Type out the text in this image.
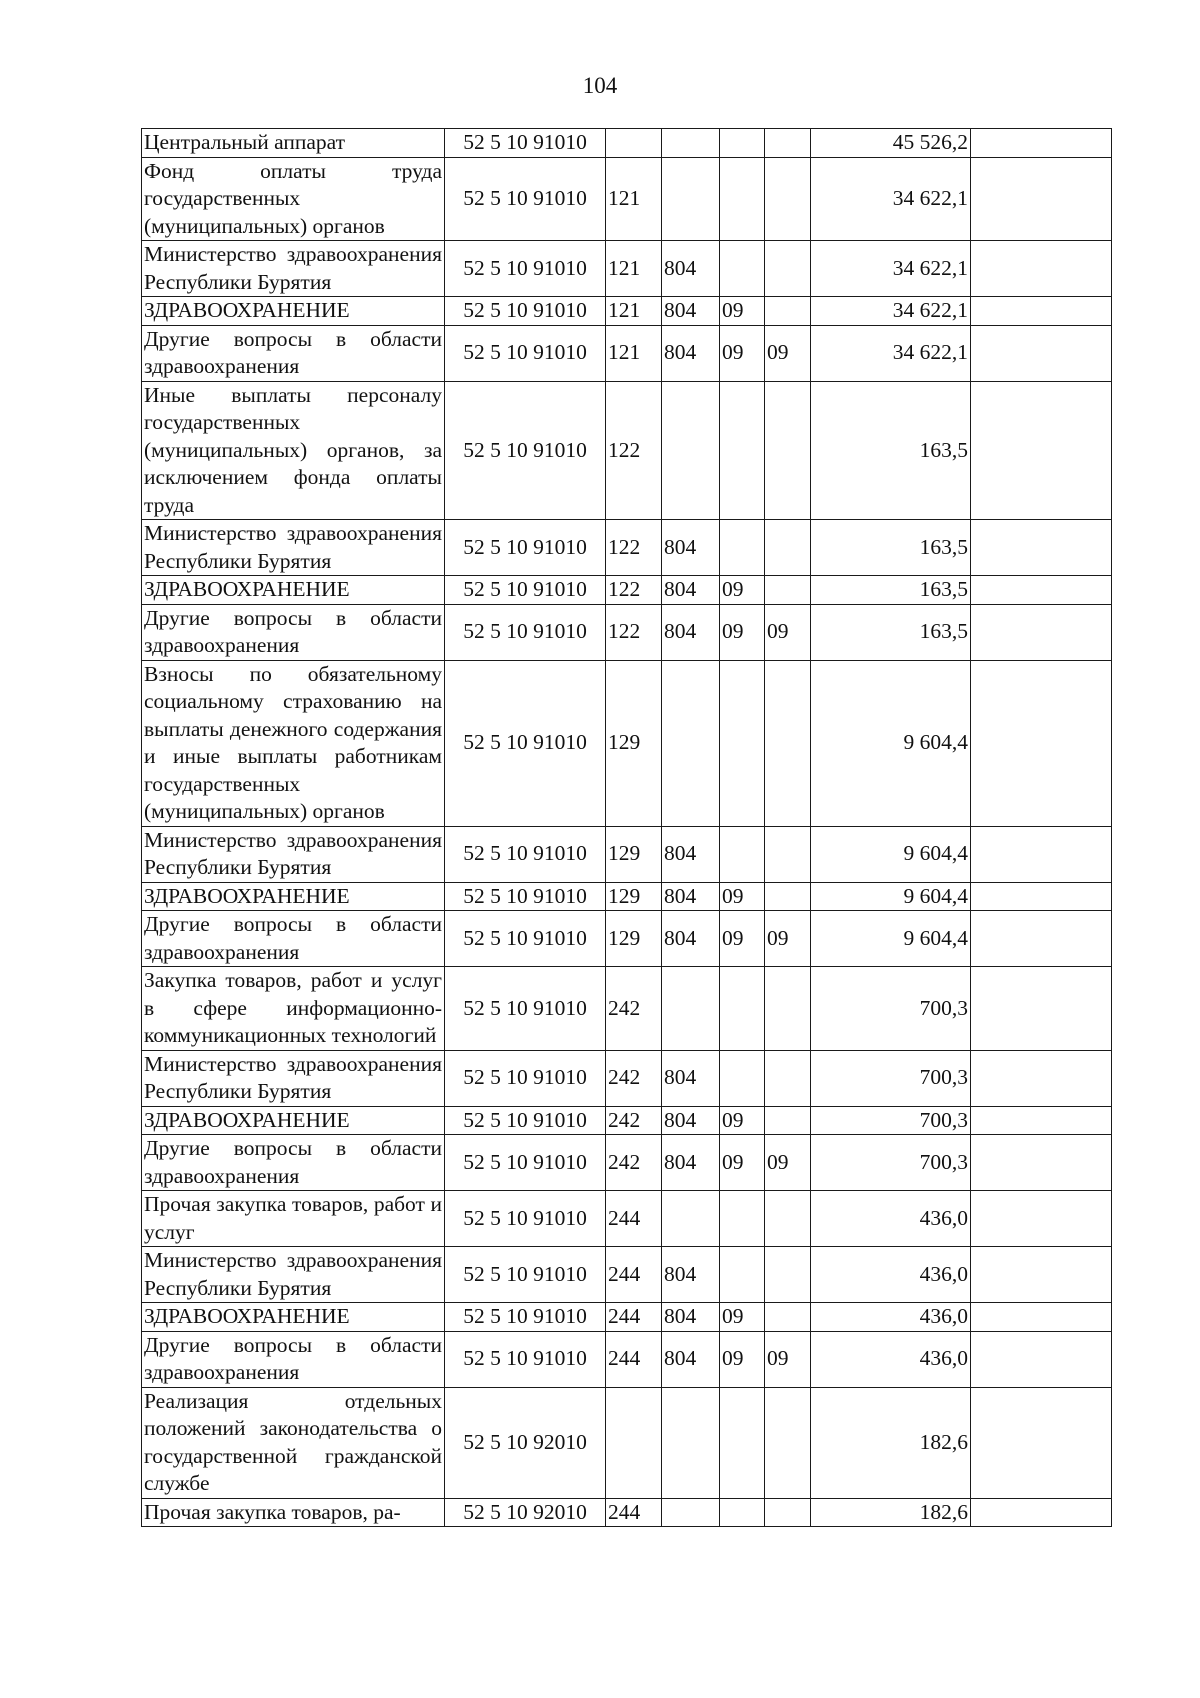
104
Центральный аппарат	52 5 10 91010					45 526,2	
Фонд оплаты труда государственных (муниципальных) органов	52 5 10 91010	121				34 622,1	
Министерство здравоохранения Республики Бурятия	52 5 10 91010	121	804			34 622,1	
ЗДРАВООХРАНЕНИЕ	52 5 10 91010	121	804	09		34 622,1	
Другие вопросы в области здравоохранения	52 5 10 91010	121	804	09	09	34 622,1	
Иные выплаты персоналу государственных (муниципальных) органов, за исключением фонда оплаты труда	52 5 10 91010	122				163,5	
Министерство здравоохранения Республики Бурятия	52 5 10 91010	122	804			163,5	
ЗДРАВООХРАНЕНИЕ	52 5 10 91010	122	804	09		163,5	
Другие вопросы в области здравоохранения	52 5 10 91010	122	804	09	09	163,5	
Взносы по обязательному социальному страхованию на выплаты денежного содержания и иные выплаты работникам государственных (муниципальных) органов	52 5 10 91010	129				9 604,4	
Министерство здравоохранения Республики Бурятия	52 5 10 91010	129	804			9 604,4	
ЗДРАВООХРАНЕНИЕ	52 5 10 91010	129	804	09		9 604,4	
Другие вопросы в области здравоохранения	52 5 10 91010	129	804	09	09	9 604,4	
Закупка товаров, работ и услуг в сфере информационно-коммуникационных технологий	52 5 10 91010	242				700,3	
Министерство здравоохранения Республики Бурятия	52 5 10 91010	242	804			700,3	
ЗДРАВООХРАНЕНИЕ	52 5 10 91010	242	804	09		700,3	
Другие вопросы в области здравоохранения	52 5 10 91010	242	804	09	09	700,3	
Прочая закупка товаров, работ и услуг	52 5 10 91010	244				436,0	
Министерство здравоохранения Республики Бурятия	52 5 10 91010	244	804			436,0	
ЗДРАВООХРАНЕНИЕ	52 5 10 91010	244	804	09		436,0	
Другие вопросы в области здравоохранения	52 5 10 91010	244	804	09	09	436,0	
Реализация отдельных положений законодательства о государственной гражданской службе	52 5 10 92010					182,6	
Прочая закупка товаров, ра-	52 5 10 92010	244				182,6	
